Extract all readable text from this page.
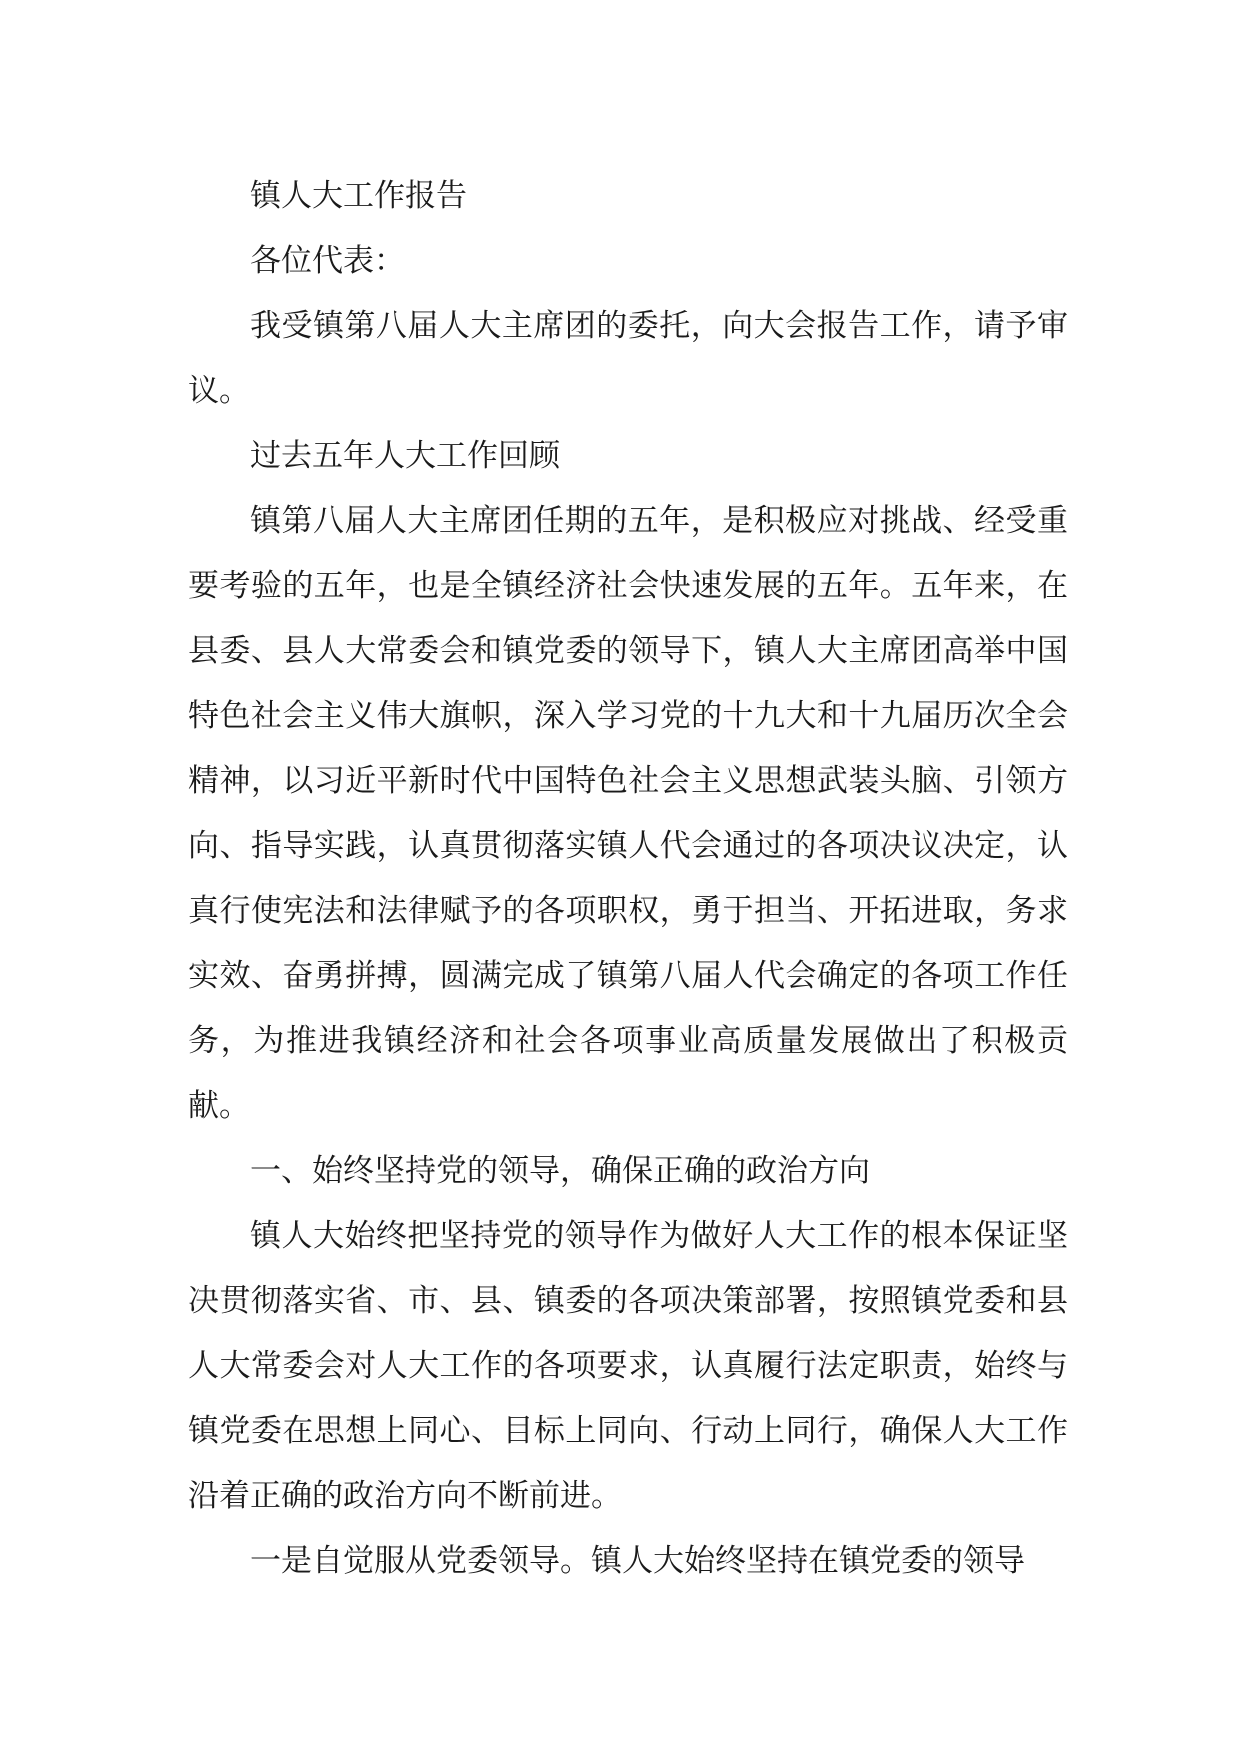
镇人大工作报告

各位代表：

我受镇第八届人大主席团的委托，向大会报告工作，请予审议。

过去五年人大工作回顾

镇第八届人大主席团任期的五年，是积极应对挑战、经受重要考验的五年，也是全镇经济社会快速发展的五年。五年来，在县委、县人大常委会和镇党委的领导下，镇人大主席团高举中国特色社会主义伟大旗帜，深入学习党的十九大和十九届历次全会精神，以习近平新时代中国特色社会主义思想武装头脑、引领方向、指导实践，认真贯彻落实镇人代会通过的各项决议决定，认真行使宪法和法律赋予的各项职权，勇于担当、开拓进取，务求实效、奋勇拼搏，圆满完成了镇第八届人代会确定的各项工作任务，为推进我镇经济和社会各项事业高质量发展做出了积极贡献。

一、始终坚持党的领导，确保正确的政治方向

镇人大始终把坚持党的领导作为做好人大工作的根本保证坚决贯彻落实省、市、县、镇委的各项决策部署，按照镇党委和县人大常委会对人大工作的各项要求，认真履行法定职责，始终与镇党委在思想上同心、目标上同向、行动上同行，确保人大工作沿着正确的政治方向不断前进。

一是自觉服从党委领导。镇人大始终坚持在镇党委的领导
